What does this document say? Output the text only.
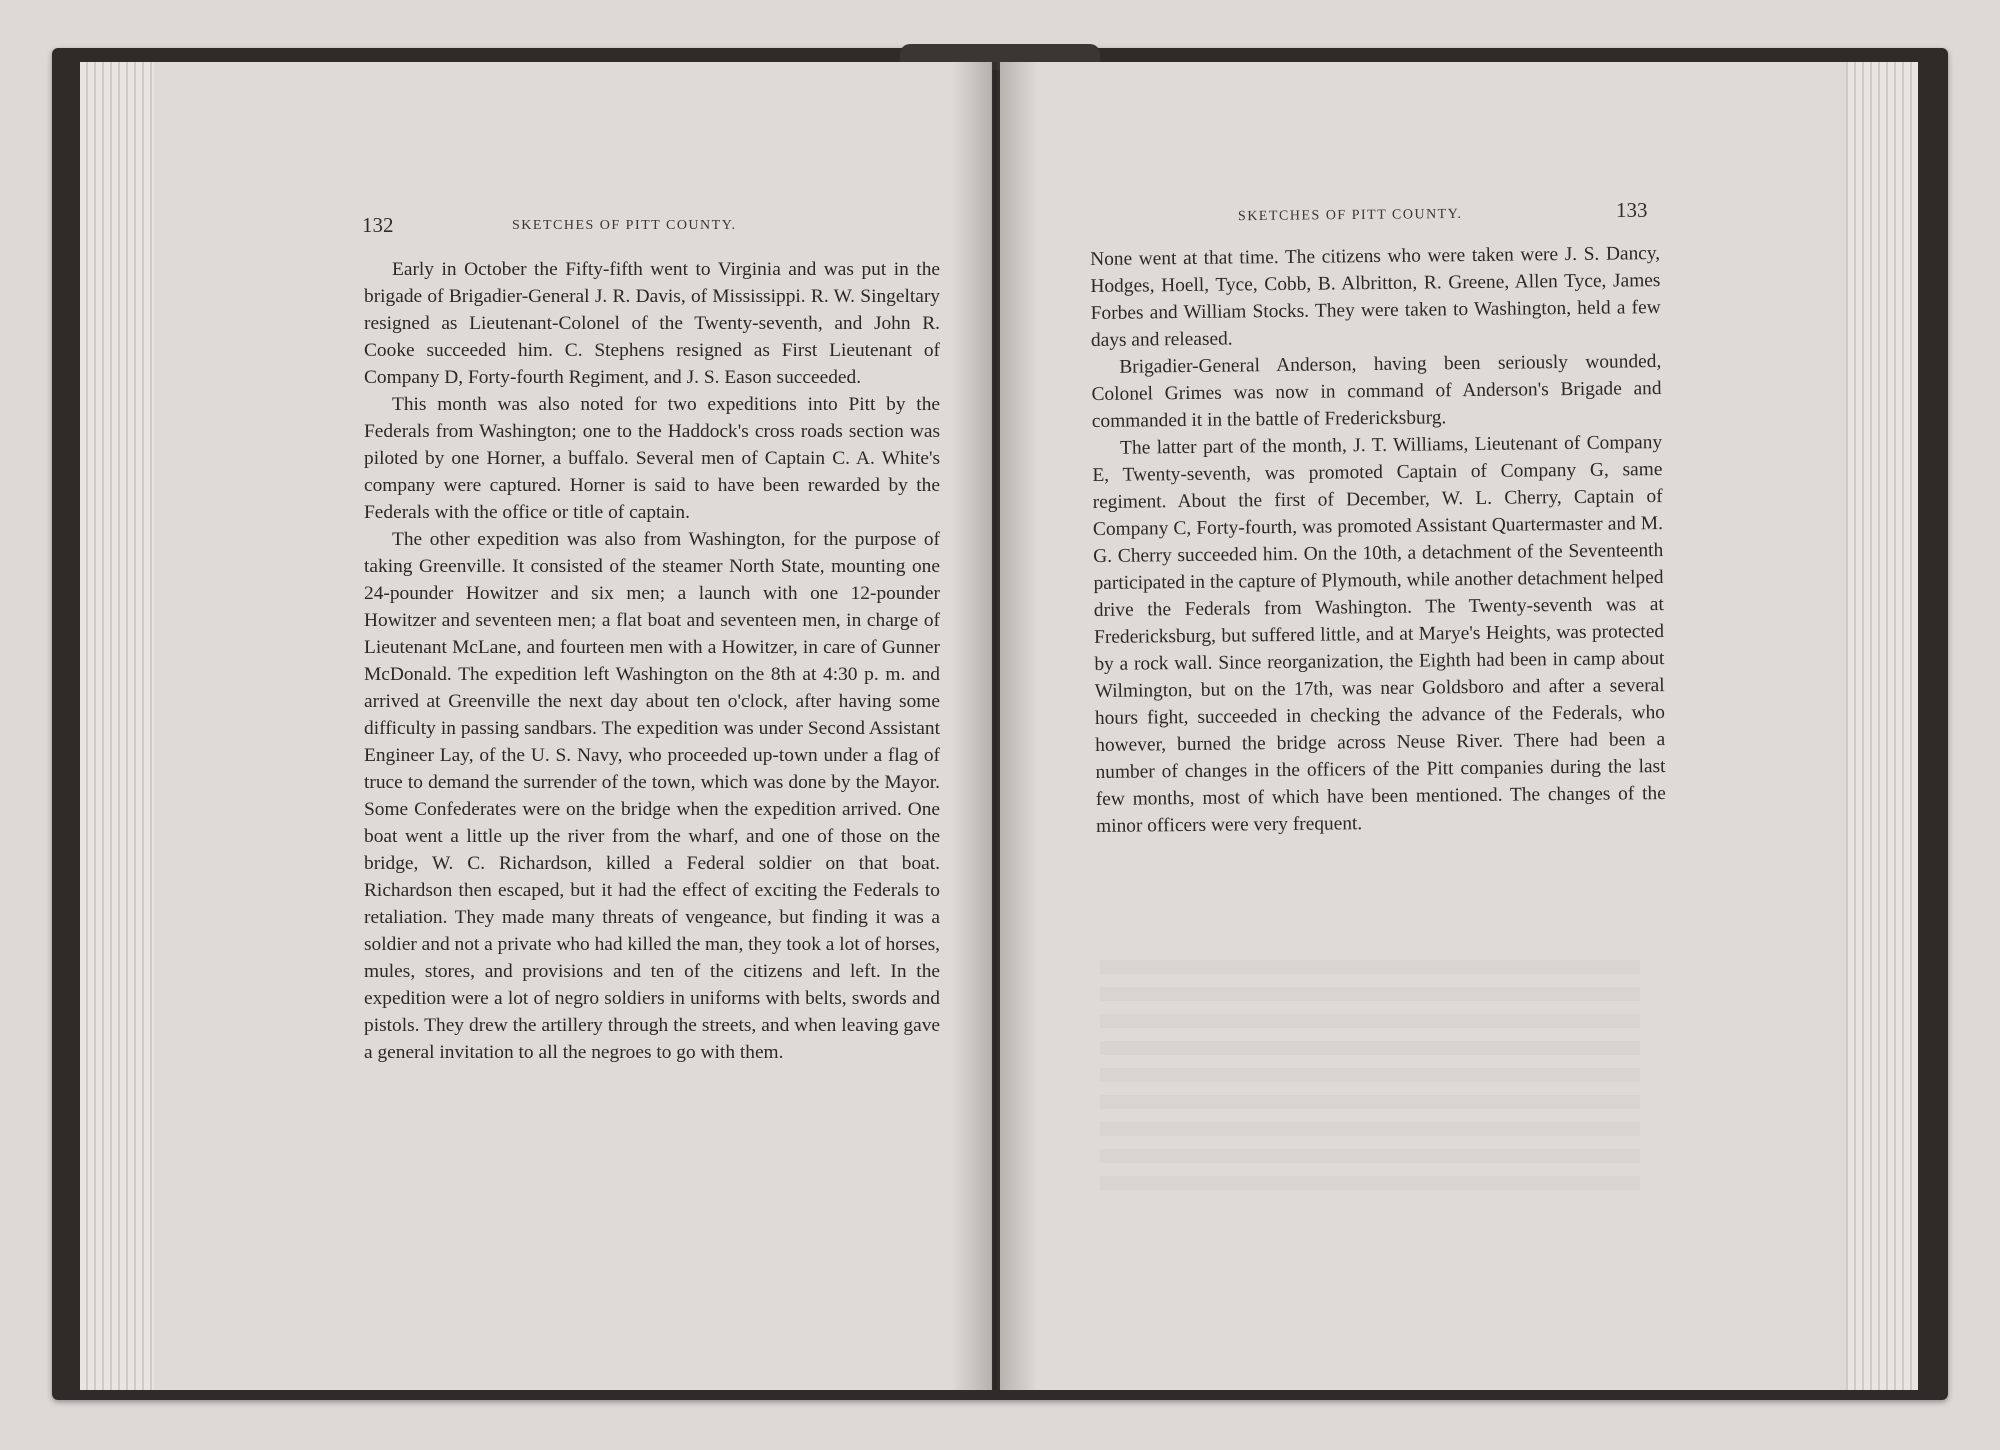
132	SKETCHES OF PITT COUNTY.

Early in October the Fifty-fifth went to Virginia and was put in the brigade of Brigadier-General J. R. Davis, of Mississippi. R. W. Singeltary resigned as Lieutenant-Colonel of the Twenty-seventh, and John R. Cooke succeeded him. C. Stephens resigned as First Lieutenant of Company D, Forty-fourth Regiment, and J. S. Eason succeeded.

This month was also noted for two expeditions into Pitt by the Federals from Washington; one to the Haddock's cross roads section was piloted by one Horner, a buffalo. Several men of Captain C. A. White's company were captured. Horner is said to have been rewarded by the Federals with the office or title of captain.

The other expedition was also from Washington, for the purpose of taking Greenville. It consisted of the steamer North State, mounting one 24-pounder Howitzer and six men; a launch with one 12-pounder Howitzer and seventeen men; a flat boat and seventeen men, in charge of Lieutenant McLane, and fourteen men with a Howitzer, in care of Gunner McDonald. The expedition left Washington on the 8th at 4:30 p. m. and arrived at Greenville the next day about ten o'clock, after having some difficulty in passing sandbars. The expedition was under Second Assistant Engineer Lay, of the U. S. Navy, who proceeded up-town under a flag of truce to demand the surrender of the town, which was done by the Mayor. Some Confederates were on the bridge when the expedition arrived. One boat went a little up the river from the wharf, and one of those on the bridge, W. C. Richardson, killed a Federal soldier on that boat. Richardson then escaped, but it had the effect of exciting the Federals to retaliation. They made many threats of vengeance, but finding it was a soldier and not a private who had killed the man, they took a lot of horses, mules, stores, and provisions and ten of the citizens and left. In the expedition were a lot of negro soldiers in uniforms with belts, swords and pistols. They drew the artillery through the streets, and when leaving gave a general invitation to all the negroes to go with them.

SKETCHES OF PITT COUNTY.	133

None went at that time. The citizens who were taken were J. S. Dancy, Hodges, Hoell, Tyce, Cobb, B. Albritton, R. Greene, Allen Tyce, James Forbes and William Stocks. They were taken to Washington, held a few days and released.

Brigadier-General Anderson, having been seriously wounded, Colonel Grimes was now in command of Anderson's Brigade and commanded it in the battle of Fredericksburg.

The latter part of the month, J. T. Williams, Lieutenant of Company E, Twenty-seventh, was promoted Captain of Company G, same regiment. About the first of December, W. L. Cherry, Captain of Company C, Forty-fourth, was promoted Assistant Quartermaster and M. G. Cherry succeeded him. On the 10th, a detachment of the Seventeenth participated in the capture of Plymouth, while another detachment helped drive the Federals from Washington. The Twenty-seventh was at Fredericksburg, but suffered little, and at Marye's Heights, was protected by a rock wall. Since reorganization, the Eighth had been in camp about Wilmington, but on the 17th, was near Goldsboro and after a several hours fight, succeeded in checking the advance of the Federals, who however, burned the bridge across Neuse River. There had been a number of changes in the officers of the Pitt companies during the last few months, most of which have been mentioned. The changes of the minor officers were very frequent.
